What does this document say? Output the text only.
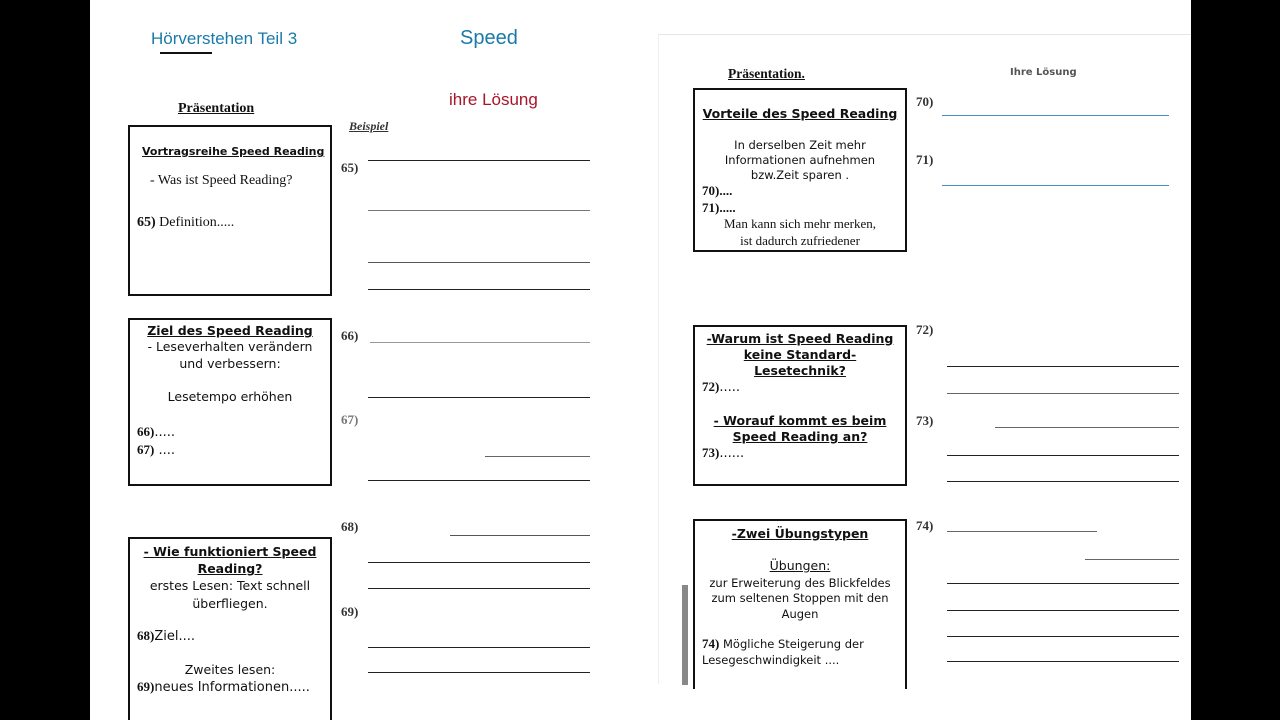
Hörverstehen Teil 3	Speed
Präsentation
Beispiel
ihre Lösung

Vortragsreihe Speed Reading
- Was ist Speed Reading?
65) Definition.....
Ziel des Speed Reading
- Leseverhalten verändern
und verbessern:
Lesetempo erhöhen
66).....
67) ....
- Wie funktioniert Speed
Reading?
erstes Lesen: Text schnell
überfliegen.
68)Ziel....
Zweites lesen:
69)neues Informationen.....
65)
66)
67)
68)
69)
Präsentation.	Ihre Lösung
Vorteile des Speed Reading
In derselben Zeit mehr
Informationen aufnehmen
bzw.Zeit sparen .
70)....
71).....
Man kann sich mehr merken,
ist dadurch zufriedener
-Warum ist Speed Reading
keine Standard-
Lesetechnik?
72).....
- Worauf kommt es beim
Speed Reading an?
73)......
-Zwei Übungstypen
Übungen:
zur Erweiterung des Blickfeldes
zum seltenen Stoppen mit den
Augen
74) Mögliche Steigerung der
Lesegeschwindigkeit ....
70)
71)
72)
73)
74)
